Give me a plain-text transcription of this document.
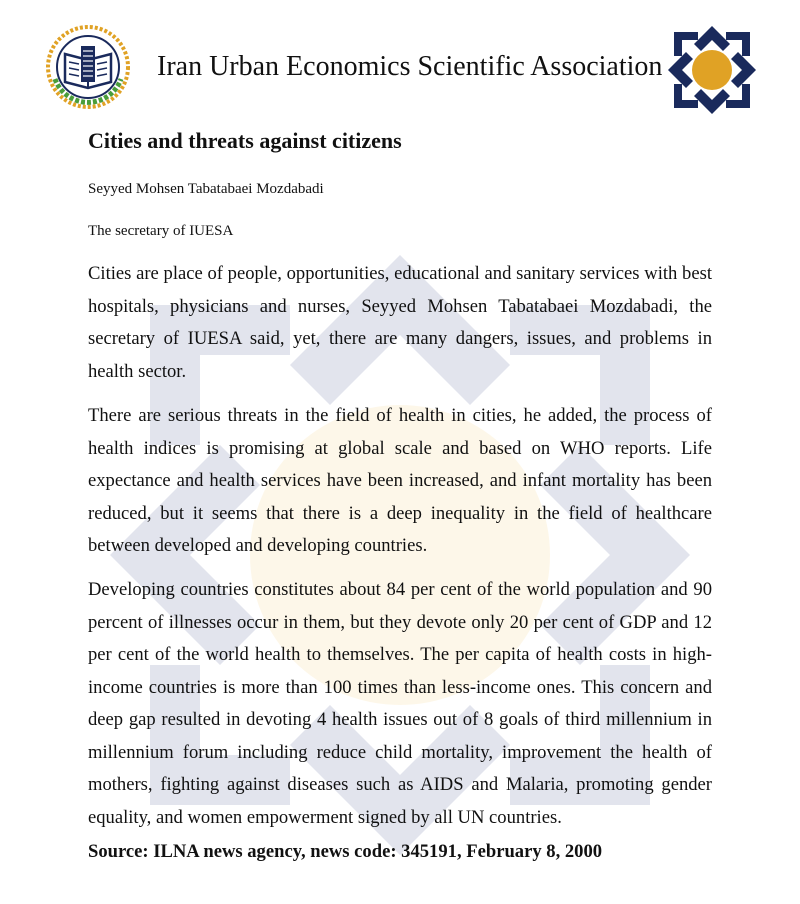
Iran Urban Economics Scientific Association
Cities and threats against citizens
Seyyed Mohsen Tabatabaei Mozdabadi
The secretary of IUESA

Cities are place of people, opportunities, educational and sanitary services with best hospitals, physicians and nurses, Seyyed Mohsen Tabatabaei Mozdabadi, the secretary of IUESA said, yet, there are many dangers, issues, and problems in health sector.

There are serious threats in the field of health in cities, he added, the process of health indices is promising at global scale and based on WHO reports. Life expectance and health services have been increased, and infant mortality has been reduced, but it seems that there is a deep inequality in the field of healthcare between developed and developing countries.

Developing countries constitutes about 84 per cent of the world population and 90 percent of illnesses occur in them, but they devote only 20 per cent of GDP and 12 per cent of the world health to themselves. The per capita of health costs in high-income countries is more than 100 times than less-income ones. This concern and deep gap resulted in devoting 4 health issues out of 8 goals of third millennium in millennium forum including reduce child mortality, improvement the health of mothers, fighting against diseases such as AIDS and Malaria, promoting gender equality, and women empowerment signed by all UN countries.

Source: ILNA news agency, news code: 345191, February 8, 2000
